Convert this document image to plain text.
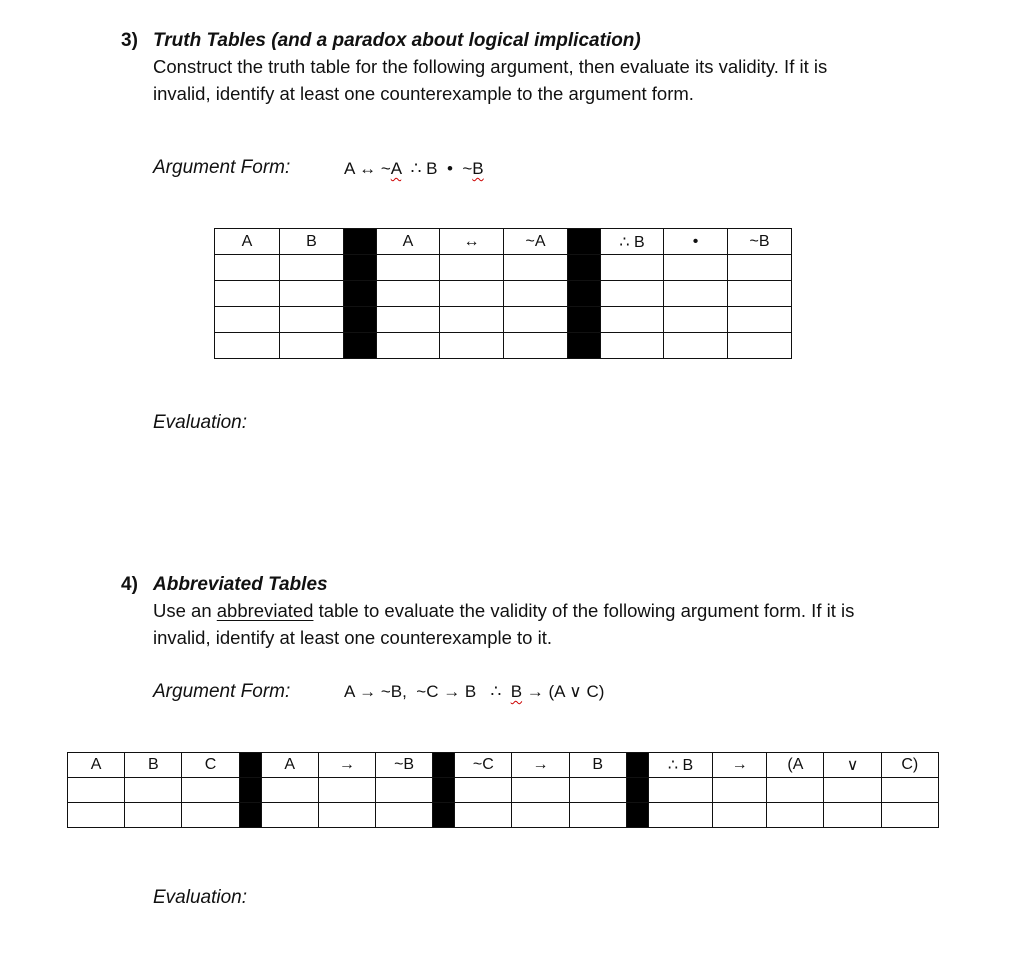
3) Truth Tables (and a paradox about logical implication)
Construct the truth table for the following argument, then evaluate its validity. If it is
invalid, identify at least one counterexample to the argument form.
Argument Form:	A ↔ ~A  ∴ B  •  ~B
A	B		A	↔	~A		∴ B	•	~B

Evaluation:
4) Abbreviated Tables
Use an abbreviated table to evaluate the validity of the following argument form. If it is
invalid, identify at least one counterexample to it.
Argument Form:	A → ~B,  ~C → B   ∴  B → (A ∨ C)
A	B	C		A	→	~B		~C	→	B		∴ B	→	(A	∨	C)

Evaluation:
